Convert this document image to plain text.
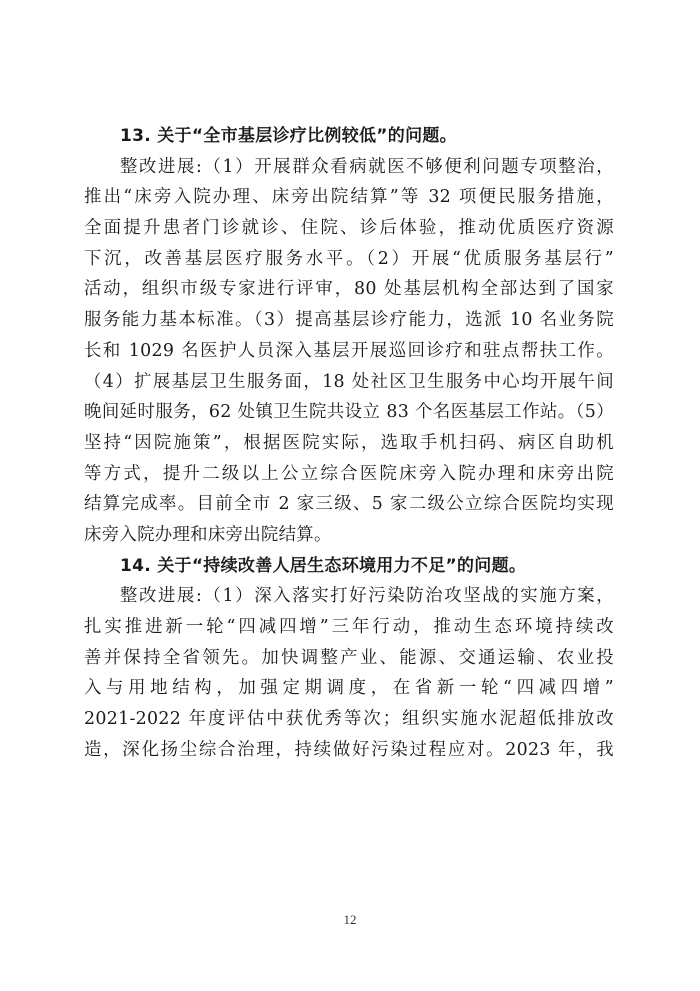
13. 关于“全市基层诊疗比例较低”的问题。
整改进展:（1）开展群众看病就医不够便利问题专项整治，
推出“床旁入院办理、床旁出院结算”等 32 项便民服务措施，
全面提升患者门诊就诊、住院、诊后体验，推动优质医疗资源
下沉，改善基层医疗服务水平。（2）开展“优质服务基层行”
活动，组织市级专家进行评审，80 处基层机构全部达到了国家
服务能力基本标准。（3）提高基层诊疗能力，选派 10 名业务院
长和 1029 名医护人员深入基层开展巡回诊疗和驻点帮扶工作。
（4）扩展基层卫生服务面，18 处社区卫生服务中心均开展午间
晚间延时服务，62 处镇卫生院共设立 83 个名医基层工作站。（5）
坚持“因院施策”，根据医院实际，选取手机扫码、病区自助机
等方式，提升二级以上公立综合医院床旁入院办理和床旁出院
结算完成率。目前全市 2 家三级、5 家二级公立综合医院均实现
床旁入院办理和床旁出院结算。
14. 关于“持续改善人居生态环境用力不足”的问题。
整改进展:（1）深入落实打好污染防治攻坚战的实施方案，
扎实推进新一轮“四减四增”三年行动，推动生态环境持续改
善并保持全省领先。加快调整产业、能源、交通运输、农业投
入与用地结构，加强定期调度，在省新一轮“四减四增”
2021-2022 年度评估中获优秀等次；组织实施水泥超低排放改
造，深化扬尘综合治理，持续做好污染过程应对。2023 年，我
12
